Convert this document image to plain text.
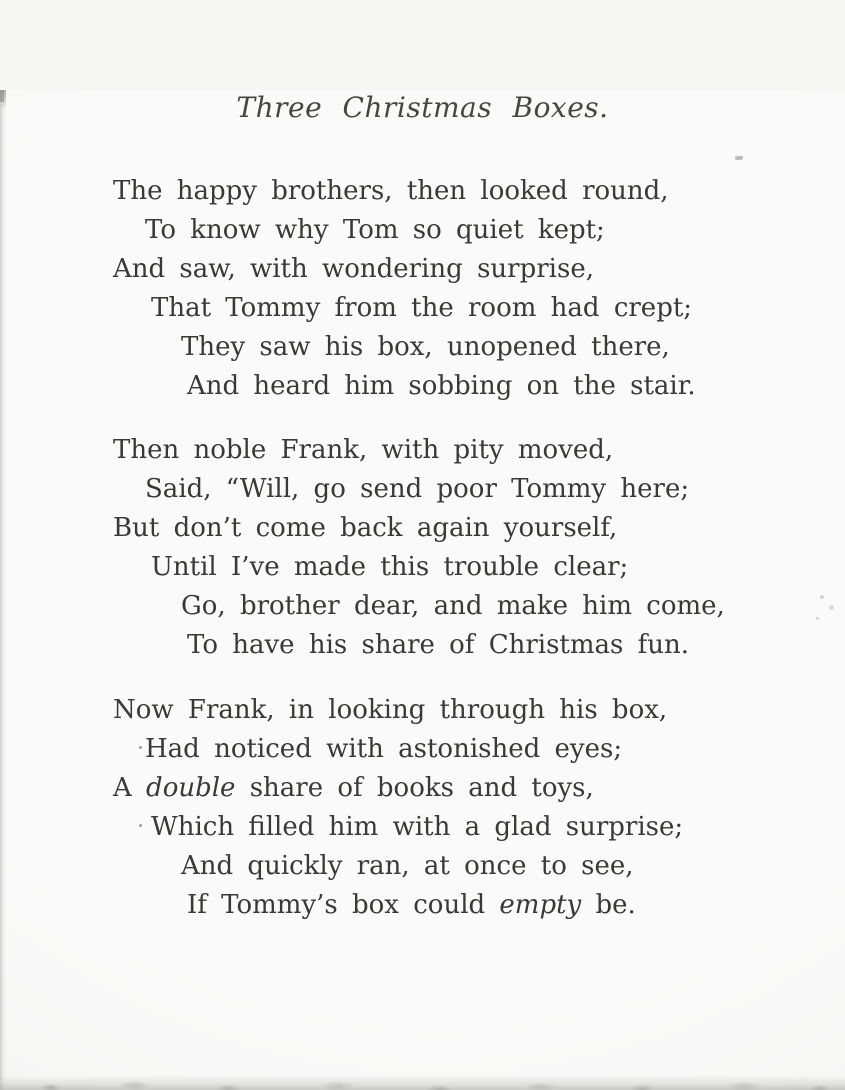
Three Christmas Boxes.

The happy brothers, then looked round,

To know why Tom so quiet kept;

And saw, with wondering surprise,

That Tommy from the room had crept;

They saw his box, unopened there,

And heard him sobbing on the stair.

Then noble Frank, with pity moved,

Said, “Will, go send poor Tommy here;

But don’t come back again yourself,

Until I’ve made this trouble clear;

Go, brother dear, and make him come,

To have his share of Christmas fun.

Now Frank, in looking through his box,

Had noticed with astonished eyes;

A double share of books and toys,

Which filled him with a glad surprise;

And quickly ran, at once to see,

If Tommy’s box could empty be.
